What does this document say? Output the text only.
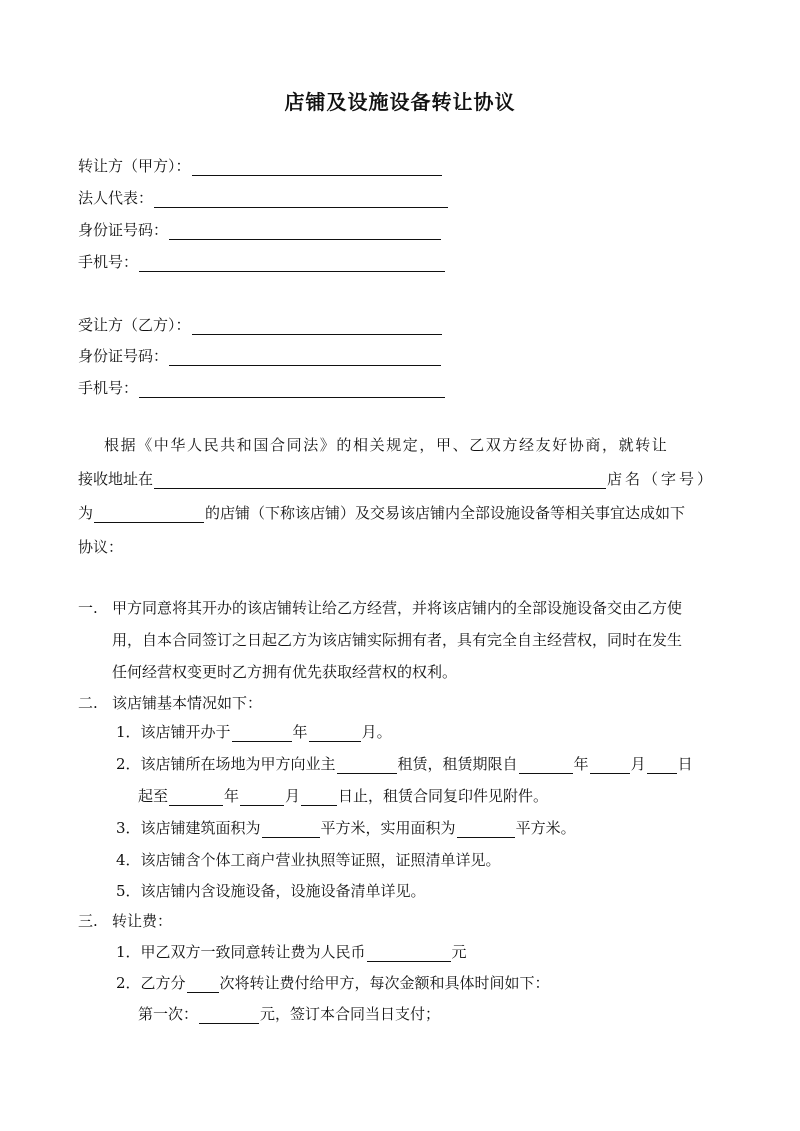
店铺及设施设备转让协议
转让方（甲方）：
法人代表：
身份证号码：
手机号：
受让方（乙方）：
身份证号码：
手机号：
根据《中华人民共和国合同法》的相关规定，甲、乙双方经友好协商，就转让
接收地址在	店名（字号）
为	的店铺（下称该店铺）及交易该店铺内全部设施设备等相关事宜达成如下
协议：
一. 甲方同意将其开办的该店铺转让给乙方经营，并将该店铺内的全部设施设备交由乙方使
用，自本合同签订之日起乙方为该店铺实际拥有者，具有完全自主经营权，同时在发生
任何经营权变更时乙方拥有优先获取经营权的权利。
二. 该店铺基本情况如下：
1．该店铺开办于	年	月。
2．该店铺所在场地为甲方向业主	租赁，租赁期限自	年	月 日
起至	年	月	日止，租赁合同复印件见附件。
3．该店铺建筑面积为	平方米，实用面积为	平方米。
4．该店铺含个体工商户营业执照等证照，证照清单详见。
5．该店铺内含设施设备，设施设备清单详见。
三. 转让费：
1．甲乙双方一致同意转让费为人民币	元
2．乙方分 次将转让费付给甲方，每次金额和具体时间如下：
第一次：	元，签订本合同当日支付；
